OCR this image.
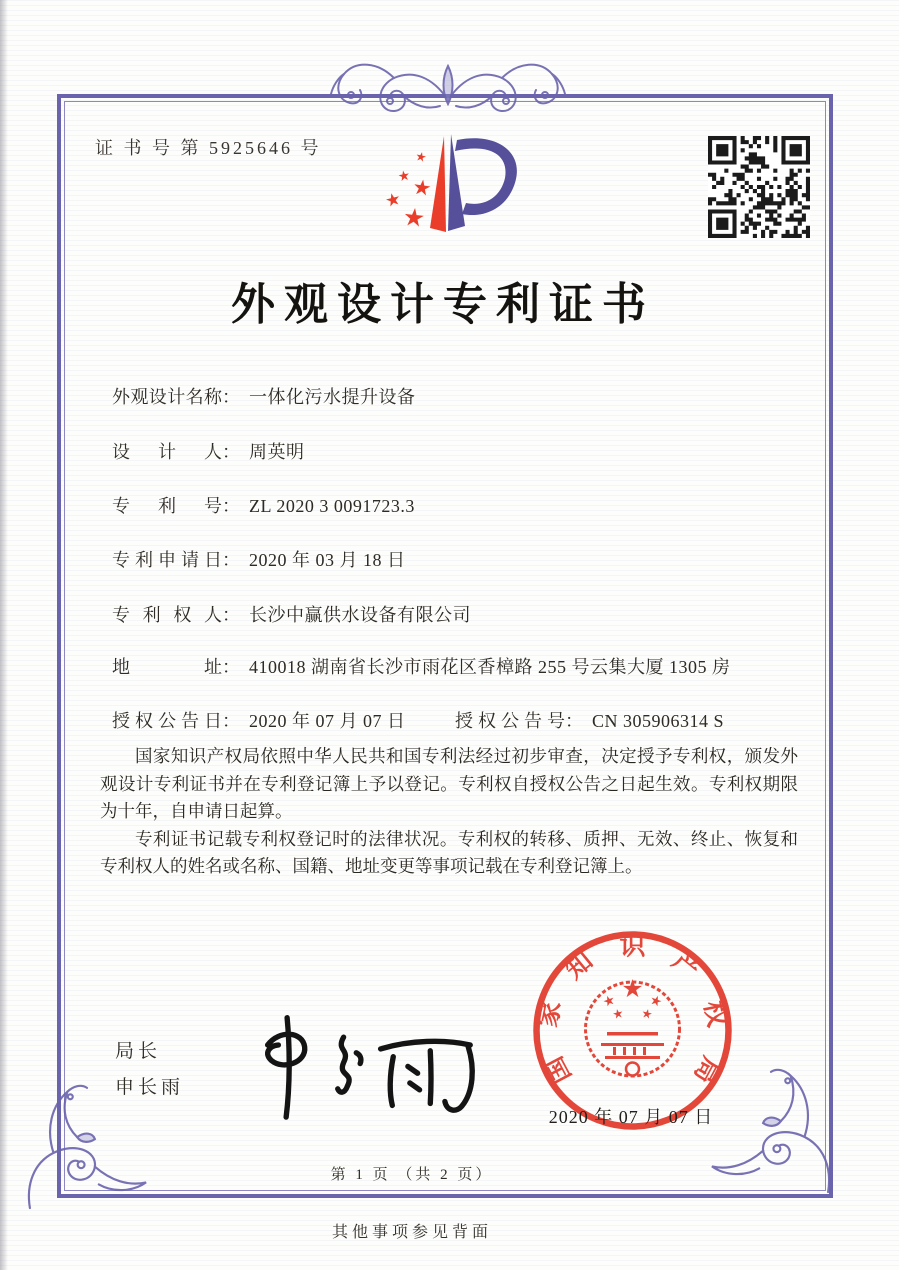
证 书 号 第 5925646 号
外观设计专利证书
外观设计名称： 一体化污水提升设备
设计人： 周英明
专利号： ZL 2020 3 0091723.3
专利申请日： 2020 年 03 月 18 日
专利权人： 长沙中赢供水设备有限公司
地址： 410018 湖南省长沙市雨花区香樟路 255 号云集大厦 1305 房
授权公告日： 2020 年 07 月 07 日	授权公告号： CN 305906314 S

国家知识产权局依照中华人民共和国专利法经过初步审查，决定授予专利权，颁发外观设计专利证书并在专利登记簿上予以登记。专利权自授权公告之日起生效。专利权期限为十年，自申请日起算。

专利证书记载专利权登记时的法律状况。专利权的转移、质押、无效、终止、恢复和专利权人的姓名或名称、国籍、地址变更等事项记载在专利登记簿上。

局长
申长雨	国
家
知 识 产
权
局
2020 年 07 月 07 日
第 1 页 （共 2 页）
其他事项参见背面
